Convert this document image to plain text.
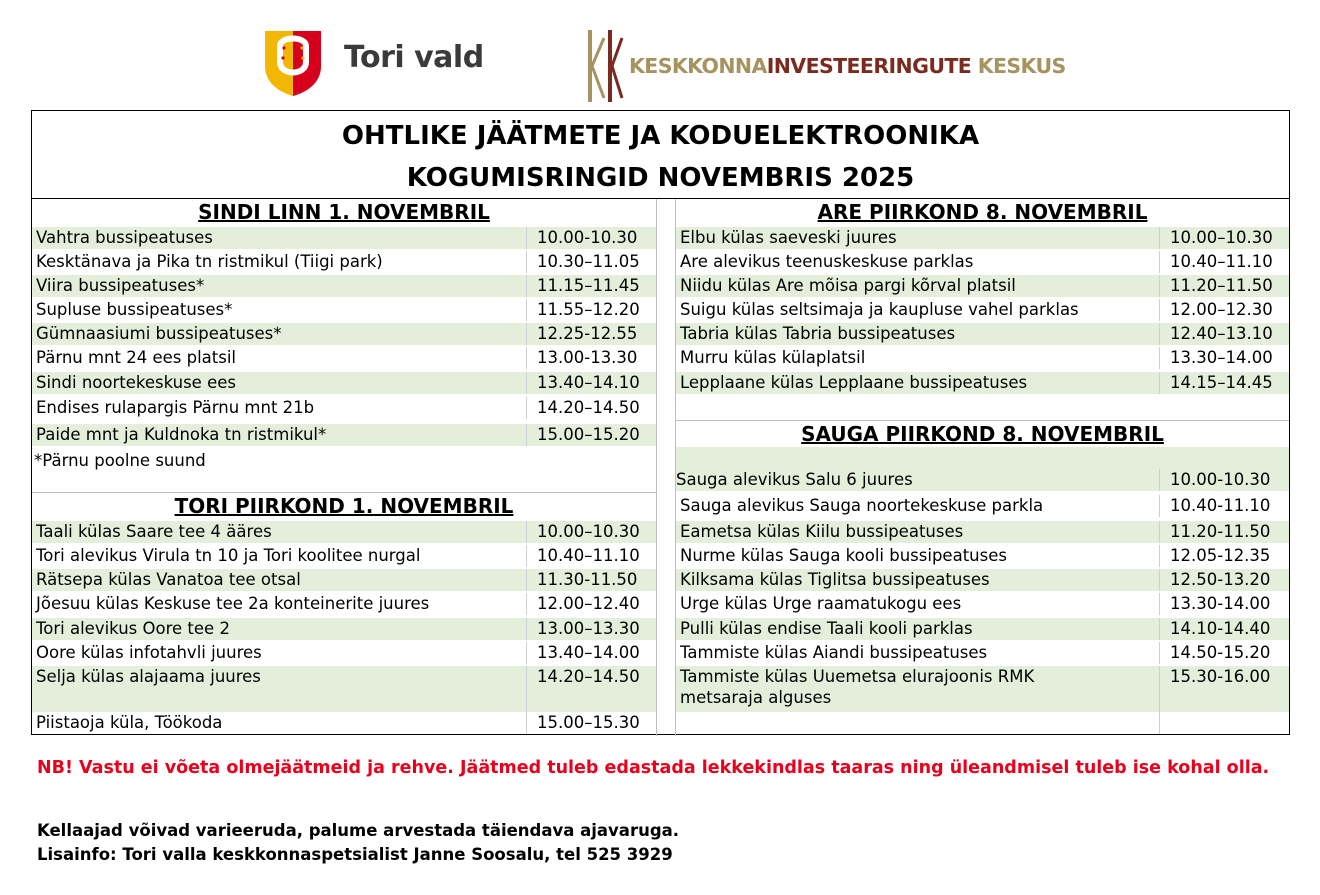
Tori vald	KESKKONNAINVESTEERINGUTE KESKUS
OHTLIKE JÄÄTMETE JA KODUELEKTROONIKA
KOGUMISRINGID NOVEMBRIS 2025
SINDI LINN 1. NOVEMBRIL
Vahtra bussipeatuses	10.00-10.30
Kesktänava ja Pika tn ristmikul (Tiigi park)	10.30–11.05
Viira bussipeatuses*	11.15–11.45
Supluse bussipeatuses*	11.55–12.20
Gümnaasiumi bussipeatuses*	12.25-12.55
Pärnu mnt 24 ees platsil	13.00-13.30
Sindi noortekeskuse ees	13.40–14.10
Endises rulapargis Pärnu mnt 21b	14.20–14.50
Paide mnt ja Kuldnoka tn ristmikul*	15.00–15.20
*Pärnu poolne suund
TORI PIIRKOND 1. NOVEMBRIL
Taali külas Saare tee 4 ääres	10.00–10.30
Tori alevikus Virula tn 10 ja Tori koolitee nurgal	10.40–11.10
Rätsepa külas Vanatoa tee otsal	11.30-11.50
Jõesuu külas Keskuse tee 2a konteinerite juures	12.00–12.40
Tori alevikus Oore tee 2	13.00–13.30
Oore külas infotahvli juures	13.40–14.00
Selja külas alajaama juures	14.20–14.50
Piistaoja küla, Töökoda	15.00–15.30
ARE PIIRKOND 8. NOVEMBRIL
Elbu külas saeveski juures	10.00–10.30
Are alevikus teenuskeskuse parklas	10.40–11.10
Niidu külas Are mõisa pargi kõrval platsil	11.20–11.50
Suigu külas seltsimaja ja kaupluse vahel parklas	12.00–12.30
Tabria külas Tabria bussipeatuses	12.40–13.10
Murru külas külaplatsil	13.30–14.00
Lepplaane külas Lepplaane bussipeatuses	14.15–14.45
SAUGA PIIRKOND 8. NOVEMBRIL
Sauga alevikus Salu 6 juures	10.00-10.30
Sauga alevikus Sauga noortekeskuse parkla	10.40-11.10
Eametsa külas Kiilu bussipeatuses	11.20-11.50
Nurme külas Sauga kooli bussipeatuses	12.05-12.35
Kilksama külas Tiglitsa bussipeatuses	12.50-13.20
Urge külas Urge raamatukogu ees	13.30-14.00
Pulli külas endise Taali kooli parklas	14.10-14.40
Tammiste külas Aiandi bussipeatuses	14.50-15.20
Tammiste külas Uuemetsa elurajoonis RMK
metsaraja alguses
15.30-16.00
NB! Vastu ei võeta olmejäätmeid ja rehve. Jäätmed tuleb edastada lekkekindlas taaras ning üleandmisel tuleb ise kohal olla.
Kellaajad võivad varieeruda, palume arvestada täiendava ajavaruga.
Lisainfo: Tori valla keskkonnaspetsialist Janne Soosalu, tel 525 3929
